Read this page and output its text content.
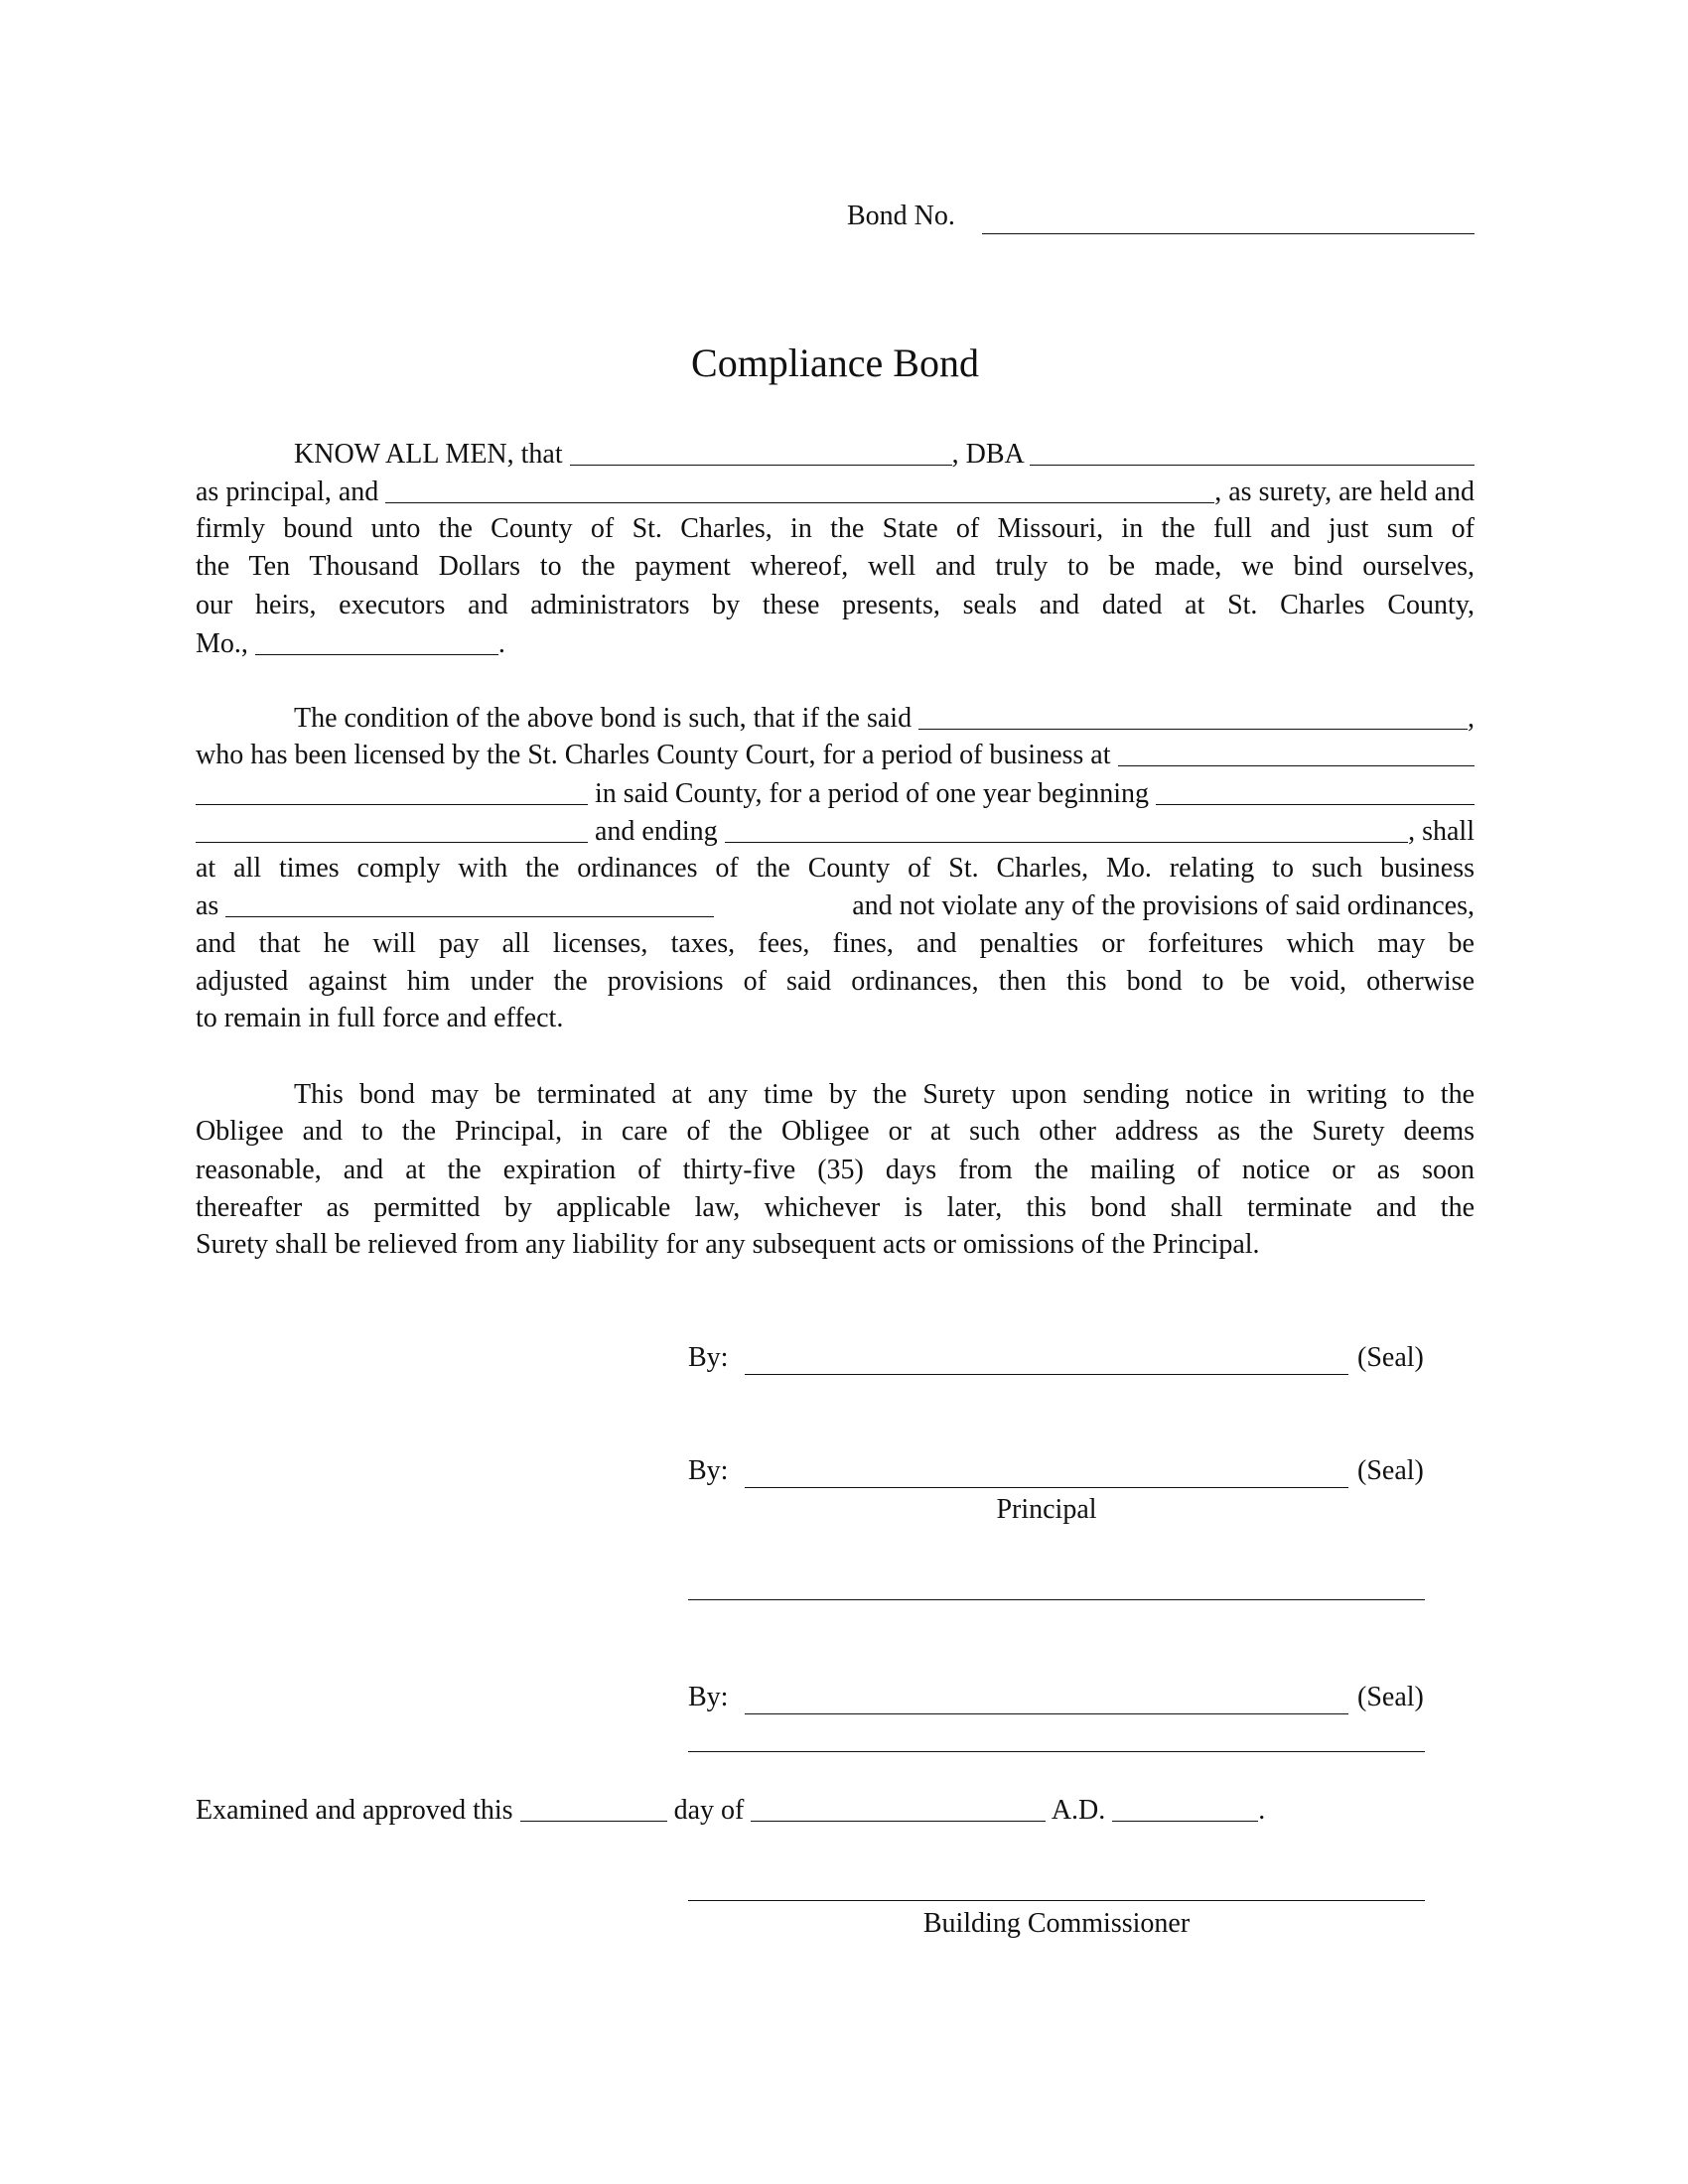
Bond No.
Compliance Bond
KNOW ALL MEN, that	, DBA
as principal, and	, as surety, are held and
firmly bound unto the County of St. Charles, in the State of Missouri, in the full and just sum of
the Ten Thousand Dollars to the payment whereof, well and truly to be made, we bind ourselves,
our heirs, executors and administrators by these presents, seals and dated at St. Charles County,
Mo.,	.
The condition of the above bond is such, that if the said	,
who has been licensed by the St. Charles County Court, for a period of business at
in said County, for a period of one year beginning
and ending	, shall
at all times comply with the ordinances of the County of St. Charles, Mo. relating to such business
as	and not violate any of the provisions of said ordinances,
and that he will pay all licenses, taxes, fees, fines, and penalties or forfeitures which may be
adjusted against him under the provisions of said ordinances, then this bond to be void, otherwise
to remain in full force and effect.
This bond may be terminated at any time by the Surety upon sending notice in writing to the
Obligee and to the Principal, in care of the Obligee or at such other address as the Surety deems
reasonable, and at the expiration of thirty-five (35) days from the mailing of notice or as soon
thereafter as permitted by applicable law, whichever is later, this bond shall terminate and the
Surety shall be relieved from any liability for any subsequent acts or omissions of the Principal.
By:	(Seal)
By:	(Seal)
Principal
By:	(Seal)
Examined and approved this	day of	A.D.	.
Building Commissioner
